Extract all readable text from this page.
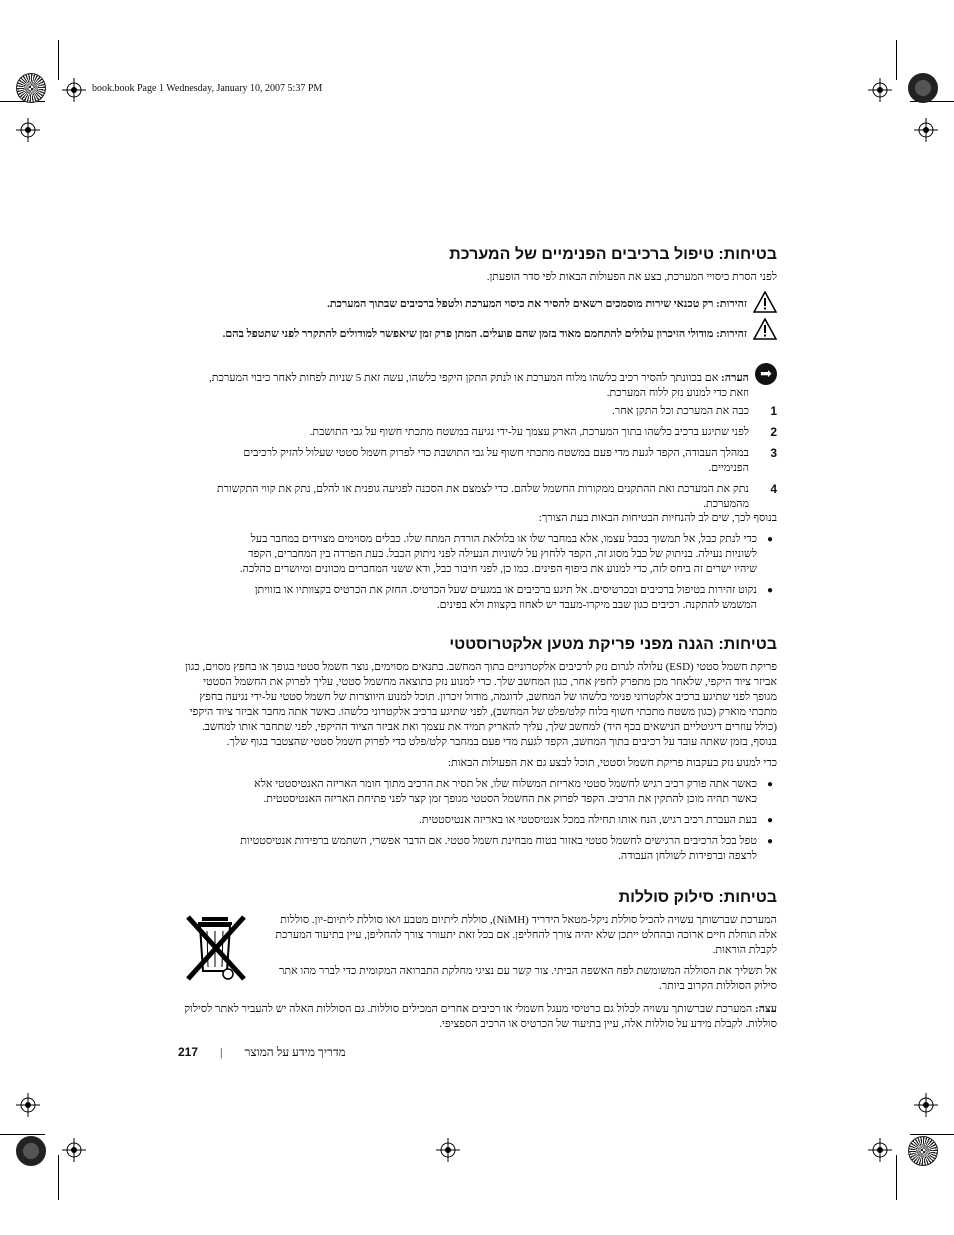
book.book Page 1 Wednesday, January 10, 2007 5:37 PM
בטיחות: טיפול ברכיבים הפנימיים של המערכת

לפני הסרת כיסויי המערכת, בצע את הפעולות הבאות לפי סדר הופעתן.

זהירות: רק טכנאי שירות מוסמכים רשאים להסיר את כיסוי המערכת ולטפל ברכיבים שבתוך המערכת.

זהירות: מודולי הזיכרון עלולים להתחמם מאוד בזמן שהם פועלים. המתן פרק זמן שיאפשר למודולים להתקרר לפני שתטפל בהם.

➡

הערה: אם בכוונתך להסיר רכיב כלשהו מלוח המערכת או לנתק התקן היקפי כלשהו, עשה זאת 5 שניות לפחות לאחר כיבוי המערכת, וזאת כדי למנוע נזק ללוח המערכת.

1
כבה את המערכת וכל התקן אחר.
2
לפני שתיגע ברכיב כלשהו בתוך המערכת, הארק עצמך על-ידי נגיעה במשטח מתכתי חשוף על גבי התושבת.
3
במהלך העבודה, הקפד לגעת מדי פעם במשטח מתכתי חשוף על גבי התושבת כדי לפרוק חשמל סטטי שעלול להזיק לרכיבים הפנימיים.
4
נתק את המערכת ואת ההתקנים ממקורות החשמל שלהם. כדי לצמצם את הסכנה לפגיעה גופנית או להלם, נתק את קווי התקשורת מהמערכת.

בנוסף לכך, שים לב להנחיות הבטיחות הבאות בעת הצורך:

●
כדי לנתק כבל, אל תמשוך בכבל עצמו, אלא במחבר שלו או בלולאת הורדת המתח שלו. כבלים מסוימים מצוידים במחבר בעל לשוניות נעילה. בניתוק של כבל מסוג זה, הקפד ללחוץ על לשוניות הנעילה לפני ניתוק הכבל. בעת הפרדה בין המחברים, הקפד שיהיו ישרים זה ביחס לזה, כדי למנוע את כיפוף הפינים. כמו כן, לפני חיבור כבל, ודא ששני המחברים מכוונים ומיושרים כהלכה.
●
נקוט זהירות בטיפול ברכיבים ובכרטיסים. אל תיגע ברכיבים או במגעים שעל הכרטיס. החזק את הכרטיס בקצוותיו או בזוויתן המשמש להתקנה. רכיבים כגון שבב מיקרו-מעבד יש לאחוז בקצוות ולא בפינים.
בטיחות: הגנה מפני פריקת מטען אלקטרוסטטי

פריקת חשמל סטטי (ESD) עלולה לגרום נזק לרכיבים אלקטרוניים בתוך המחשב. בתנאים מסוימים, נוצר חשמל סטטי בגופך או בחפץ מסוים, כגון אביזר ציוד היקפי, שלאחר מכן מתפרק לחפץ אחר, כגון המחשב שלך. כדי למנוע נזק כתוצאה מחשמל סטטי, עליך לפרוק את החשמל הסטטי מגופך לפני שתיגע ברכיב אלקטרוני פנימי כלשהו של המחשב, לדוגמה, מודול זיכרון. תוכל למנוע היווצרות של חשמל סטטי על-ידי נגיעה בחפץ מתכתי מוארק (כגון משטח מתכתי חשוף בלוח קלט/פלט של המחשב), לפני שתיגע ברכיב אלקטרוני כלשהו. כאשר אתה מחבר אביזר ציוד היקפי (כולל עוזרים דיגיטליים הנישאים בכף היד) למחשב שלך, עליך להאריק תמיד את עצמך ואת אביזר הציוד ההיקפי, לפני שתחבר אותו למחשב. בנוסף, בזמן שאתה עובד על רכיבים בתוך המחשב, הקפד לגעת מדי פעם במחבר קלט/פלט כדי לפרוק חשמל סטטי שהצטבר בגוף שלך.

כדי למנוע נזק בעקבות פריקת חשמל וסטטי, תוכל לבצע גם את הפעולות הבאות:

●
כאשר אתה פורק רכיב רגיש לחשמל סטטי מאריזת המשלוח שלו, אל תסיר את הרכיב מתוך חומר האריזה האנטיסטטי אלא כאשר תהיה מוכן להתקין את הרכיב. הקפד לפרוק את החשמל הסטטי מגופך זמן קצר לפני פתיחת האריזה האנטיסטטית.
●
בעת העברת רכיב רגיש, הנח אותו תחילה במכל אנטיסטטי או באריזה אנטיסטטית.
●
טפל בכל הרכיבים הרגישים לחשמל סטטי באזור בטוח מבחינת חשמל סטטי. אם הדבר אפשרי, השתמש ברפידות אנטיסטטיות לרצפה וברפידות לשולחן העבודה.
בטיחות: סילוק סוללות

המערכת שברשותך עשויה להכיל סוללת ניקל-מטאל הידריד (NiMH), סוללת ליתיום מטבע ו/או סוללת ליתיום-יון. סוללות אלה תוחלת חיים ארוכה ובהחלט ייתכן שלא יהיה צורך להחליפן. אם בכל זאת יתעורר צורך להחליפן, עיין בתיעוד המערכת לקבלת הוראות.

אל תשליך את הסוללה המשומשת לפח האשפה הביתי. צור קשר עם נציגי מחלקת התברואה המקומית כדי לברר מהו אתר סילוק הסוללות הקרוב ביותר.

עצה: המערכת שברשותך עשויה לכלול גם כרטיסי מעגל חשמלי או רכיבים אחרים המכילים סוללות. גם הסוללות האלה יש להעביר לאתר לסילוק סוללות. לקבלת מידע על סוללות אלה, עיין בתיעוד של הכרטיס או הרכיב הספציפי.

217 | מדריך מידע על המוצר
